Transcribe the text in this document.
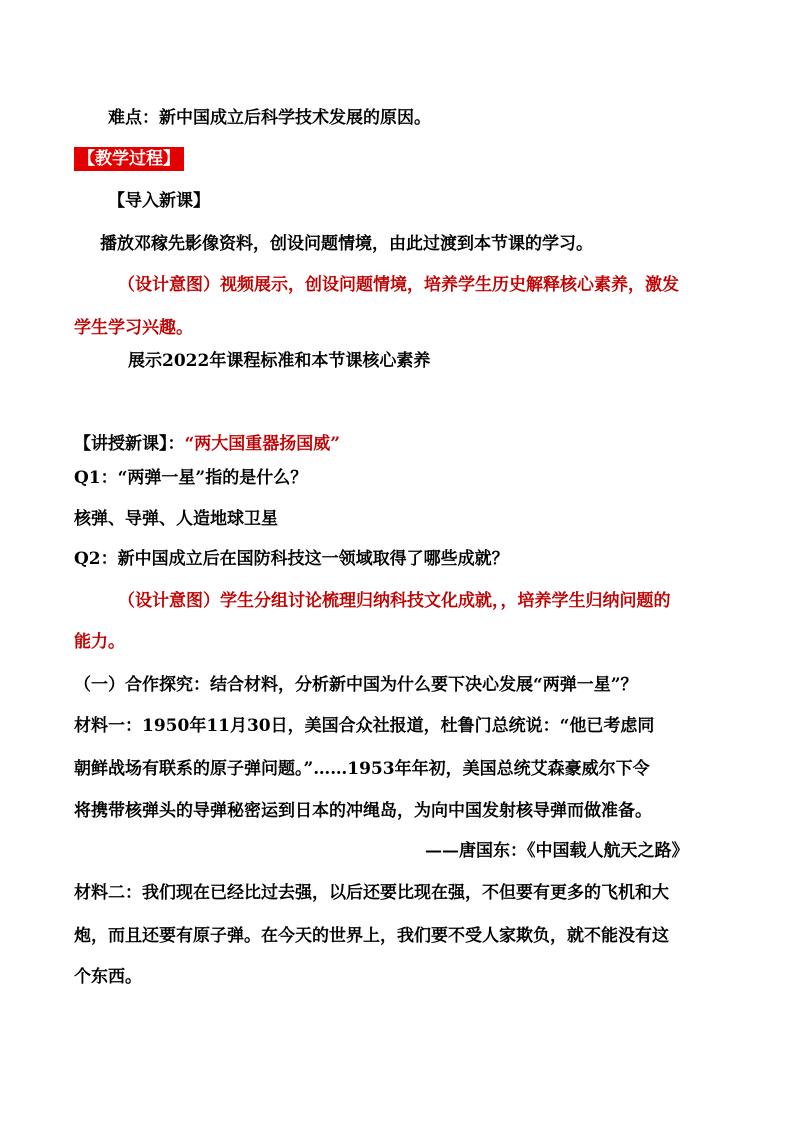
难点：新中国成立后科学技术发展的原因。
【教学过程】
【导入新课】
播放邓稼先影像资料，创设问题情境，由此过渡到本节课的学习。
（设计意图）视频展示，创设问题情境，培养学生历史解释核心素养，激发
学生学习兴趣。
展示2022年课程标准和本节课核心素养
【讲授新课】：“两大国重器扬国威”
Q1：“两弹一星”指的是什么？
核弹、导弹、人造地球卫星
Q2：新中国成立后在国防科技这一领域取得了哪些成就？
（设计意图）学生分组讨论梳理归纳科技文化成就，，培养学生归纳问题的
能力。
（一）合作探究：结合材料，分析新中国为什么要下决心发展“两弹一星”？
材料一：1950年11月30日，美国合众社报道，杜鲁门总统说：“他已考虑同
朝鲜战场有联系的原子弹问题。”……1953年年初，美国总统艾森豪威尔下令
将携带核弹头的导弹秘密运到日本的冲绳岛，为向中国发射核导弹而做准备。
——唐国东：《中国载人航天之路》
材料二：我们现在已经比过去强，以后还要比现在强，不但要有更多的飞机和大
炮，而且还要有原子弹。在今天的世界上，我们要不受人家欺负，就不能没有这
个东西。
